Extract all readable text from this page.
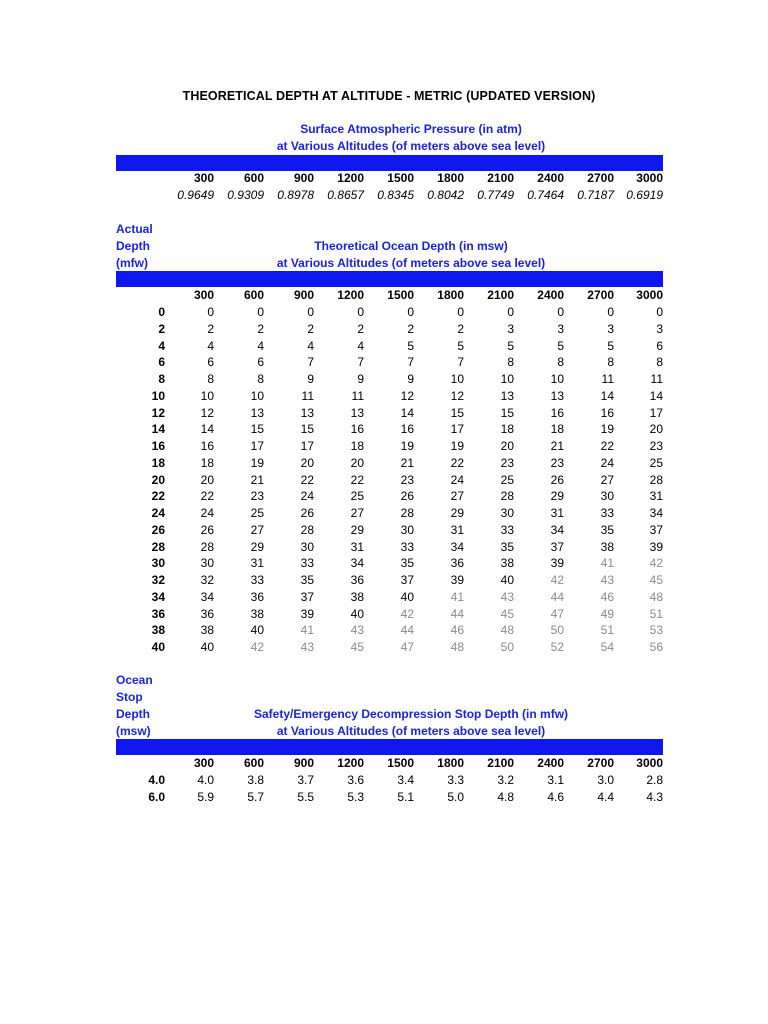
THEORETICAL DEPTH AT ALTITUDE - METRIC (UPDATED VERSION)
Surface Atmospheric Pressure (in atm)
at Various Altitudes (of meters above sea level)
300	600	900	1200	1500	1800	2100	2400	2700	3000
0.9649	0.9309	0.8978	0.8657	0.8345	0.8042	0.7749	0.7464	0.7187	0.6919
Actual
Depth
(mfw)
Theoretical Ocean Depth (in msw)
at Various Altitudes (of meters above sea level)
300	600	900	1200	1500	1800	2100	2400	2700	3000
0	0	0	0	0	0	0	0	0	0	0
2	2	2	2	2	2	2	3	3	3	3
4	4	4	4	4	5	5	5	5	5	6
6	6	6	7	7	7	7	8	8	8	8
8	8	8	9	9	9	10	10	10	11	11
10	10	10	11	11	12	12	13	13	14	14
12	12	13	13	13	14	15	15	16	16	17
14	14	15	15	16	16	17	18	18	19	20
16	16	17	17	18	19	19	20	21	22	23
18	18	19	20	20	21	22	23	23	24	25
20	20	21	22	22	23	24	25	26	27	28
22	22	23	24	25	26	27	28	29	30	31
24	24	25	26	27	28	29	30	31	33	34
26	26	27	28	29	30	31	33	34	35	37
28	28	29	30	31	33	34	35	37	38	39
30	30	31	33	34	35	36	38	39	41	42
32	32	33	35	36	37	39	40	42	43	45
34	34	36	37	38	40	41	43	44	46	48
36	36	38	39	40	42	44	45	47	49	51
38	38	40	41	43	44	46	48	50	51	53
40	40	42	43	45	47	48	50	52	54	56
Ocean
Stop
Depth
(msw)
Safety/Emergency Decompression Stop Depth (in mfw)
at Various Altitudes (of meters above sea level)
300	600	900	1200	1500	1800	2100	2400	2700	3000
4.0	4.0	3.8	3.7	3.6	3.4	3.3	3.2	3.1	3.0	2.8
6.0	5.9	5.7	5.5	5.3	5.1	5.0	4.8	4.6	4.4	4.3
